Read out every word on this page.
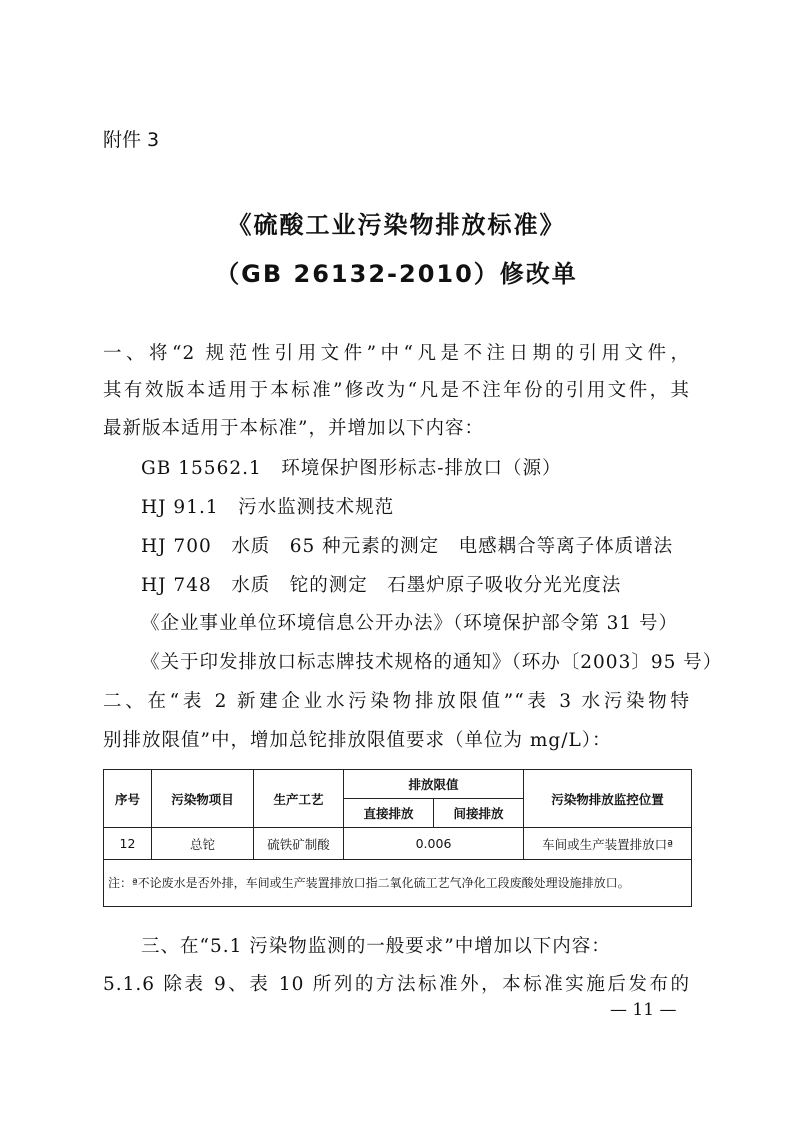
附件 3
《硫酸工业污染物排放标准》
（GB 26132-2010）修改单
一、将“2 规范性引用文件”中“凡是不注日期的引用文件，
其有效版本适用于本标准”修改为“凡是不注年份的引用文件，其
最新版本适用于本标准”，并增加以下内容：
GB 15562.1　环境保护图形标志-排放口（源）
HJ 91.1　污水监测技术规范
HJ 700　水质　65 种元素的测定　电感耦合等离子体质谱法
HJ 748　水质　铊的测定　石墨炉原子吸收分光光度法
《企业事业单位环境信息公开办法》（环境保护部令第 31 号）
《关于印发排放口标志牌技术规格的通知》（环办〔2003〕95 号）
二、在“表 2 新建企业水污染物排放限值”“表 3 水污染物特
别排放限值”中，增加总铊排放限值要求（单位为 mg/L）：
序号	污染物项目	生产工艺	排放限值		污染物排放监控位置
			直接排放	间接排放	
12	总铊	硫铁矿制酸	0.006		车间或生产装置排放口ª
注：ª不论废水是否外排，车间或生产装置排放口指二氧化硫工艺气净化工段废酸处理设施排放口。					
三、在“5.1 污染物监测的一般要求”中增加以下内容：
5.1.6 除表 9、表 10 所列的方法标准外，本标准实施后发布的
— 11 —
